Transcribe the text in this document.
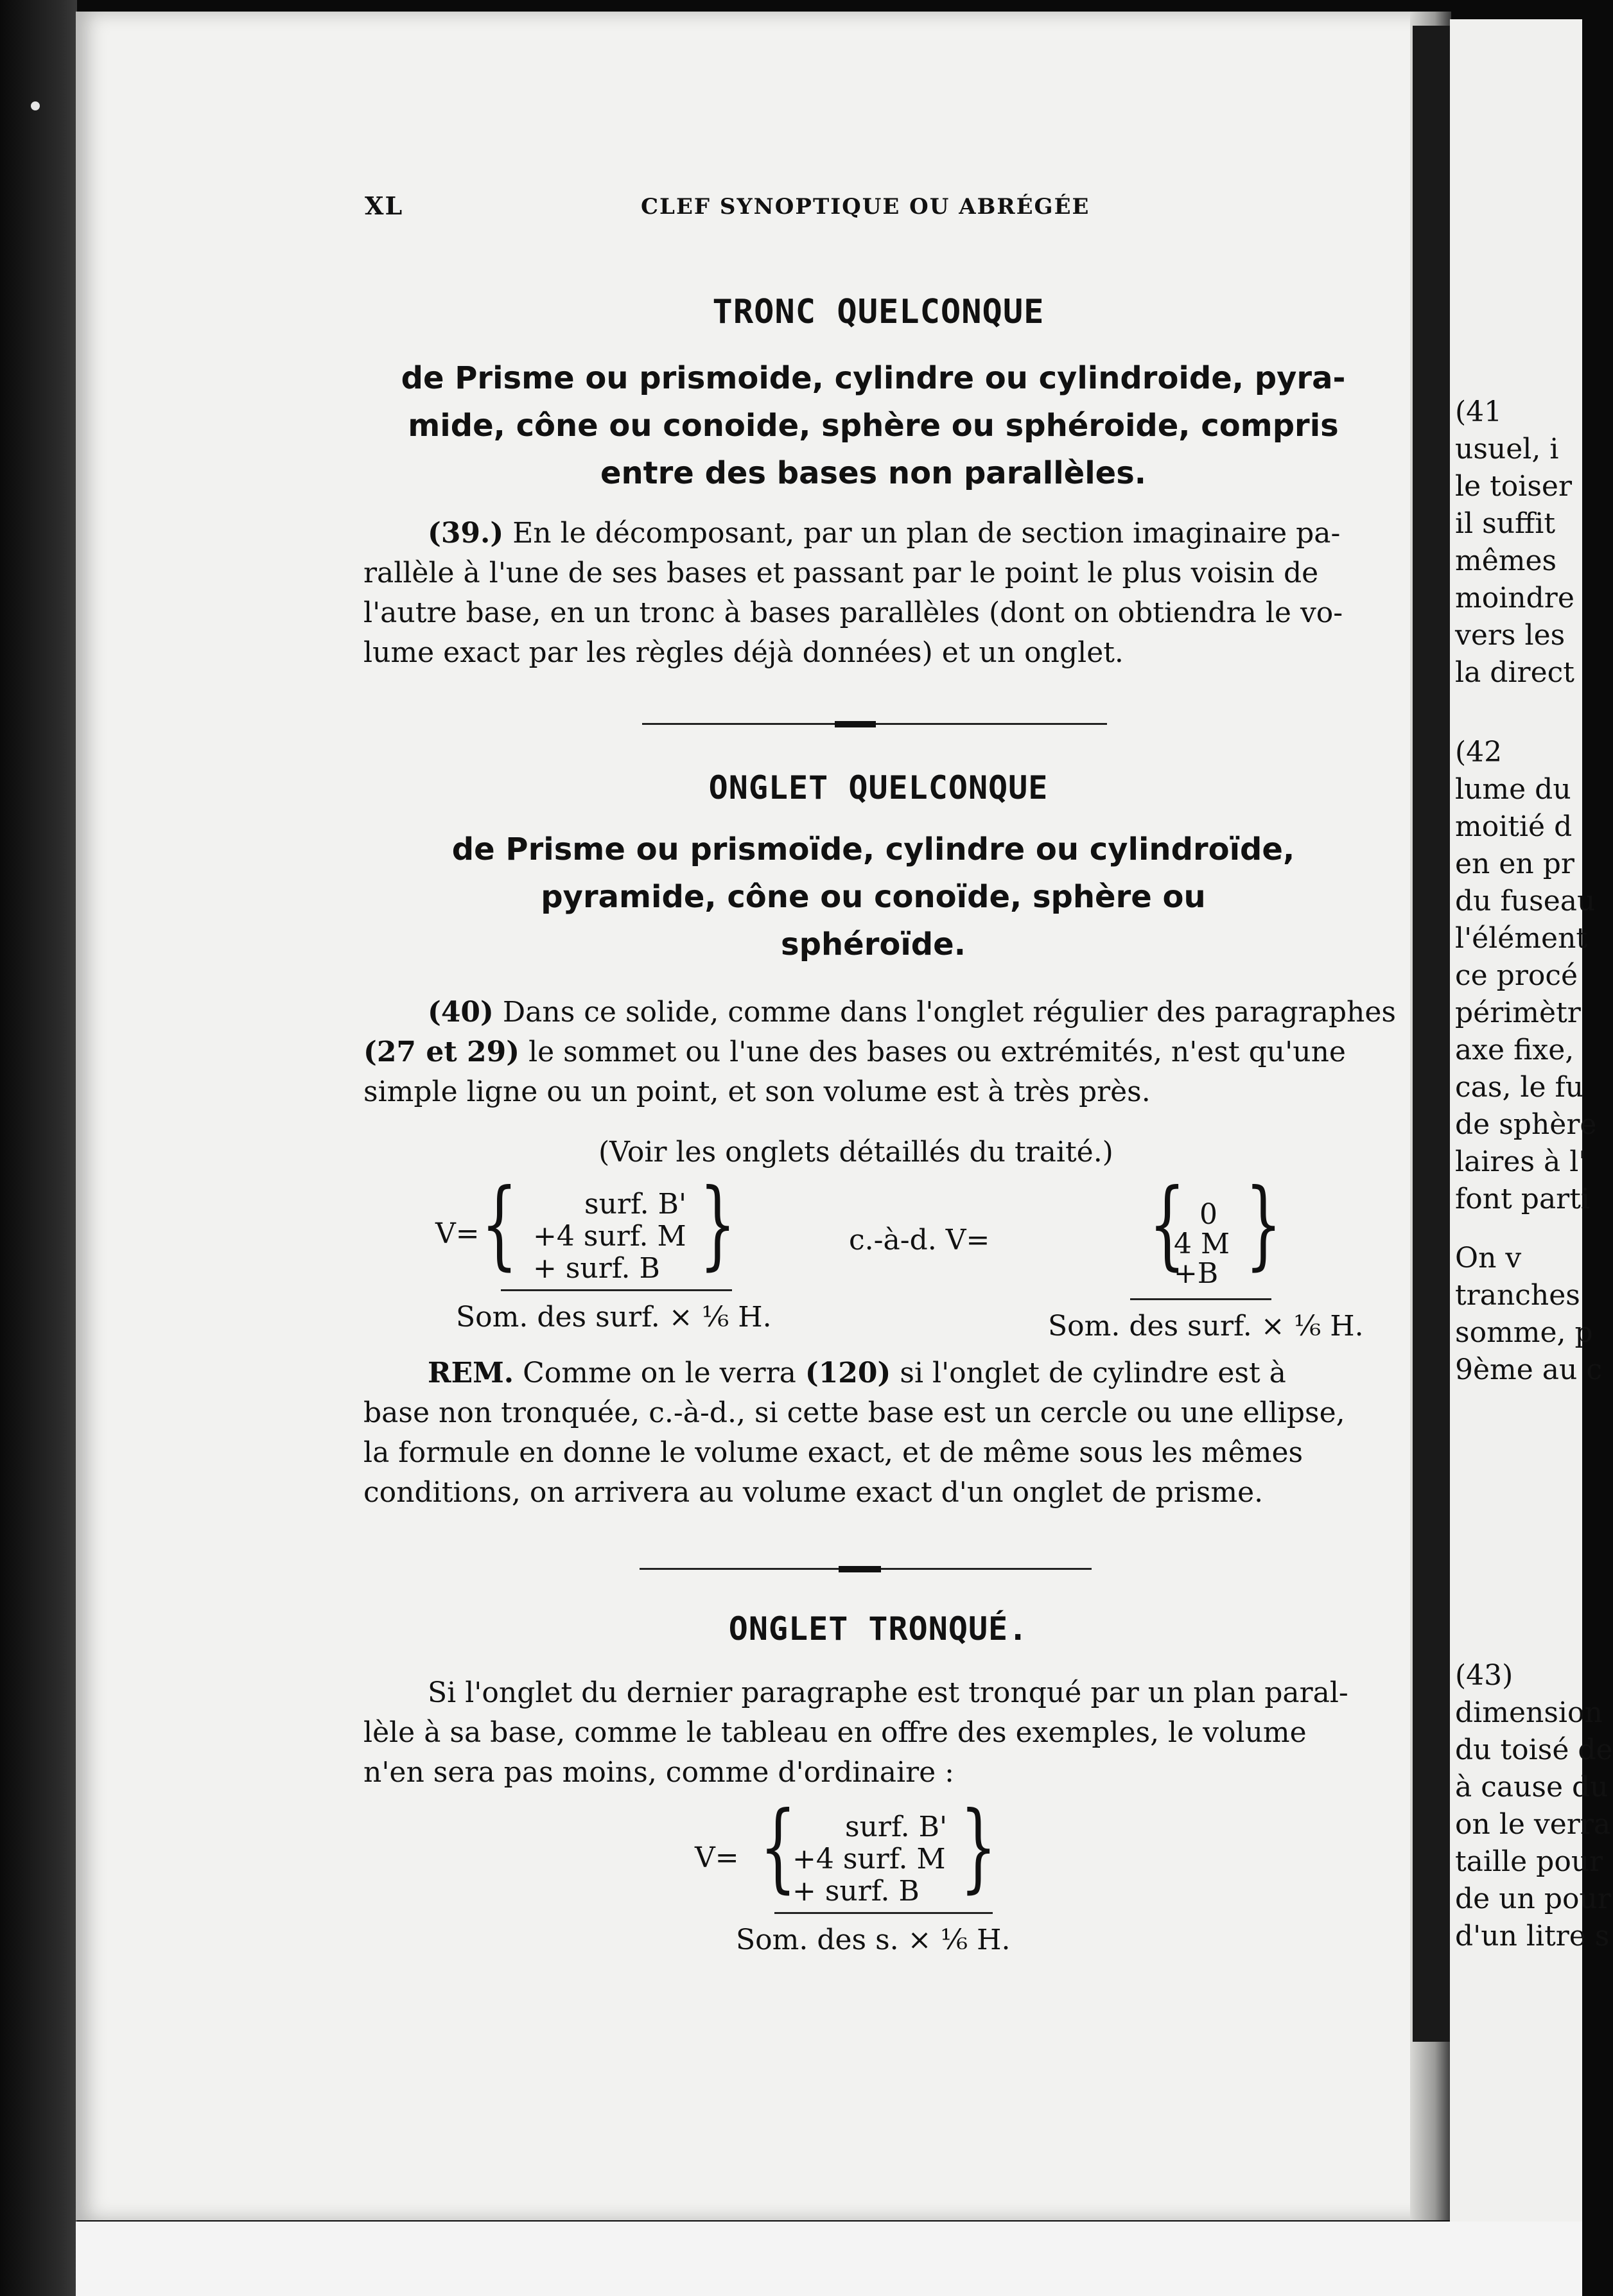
(41
usuel, i
le toiser
il suffit
mêmes
moindre
vers les
la direct
(42
lume du
moitié d
en en pr
du fuseau
l'élément
ce procé
périmètr
axe fixe,
cas, le fu
de sphère
laires à l'
font parti
On v
tranches
somme, p
9ème au c
(43)
dimension
du toisé de
à cause du
on le verra
taille pour
de un pour
d'un litre s
XL	CLEF SYNOPTIQUE OU ABRÉGÉE
TRONC QUELCONQUE
de Prisme ou prismoide, cylindre ou cylindroide, pyra-
mide, cône ou conoide, sphère ou sphéroide, compris
entre des bases non parallèles.
(39.) En le décomposant, par un plan de section imaginaire pa-
rallèle à l'une de ses bases et passant par le point le plus voisin de
l'autre base, en un tronc à bases parallèles (dont on obtiendra le vo-
lume exact par les règles déjà données) et un onglet.
ONGLET QUELCONQUE
de Prisme ou prismoïde, cylindre ou cylindroïde,
pyramide, cône ou conoïde, sphère ou
sphéroïde.
(40) Dans ce solide, comme dans l'onglet régulier des paragraphes
(27 et 29) le sommet ou l'une des bases ou extrémités, n'est qu'une
simple ligne ou un point, et son volume est à très près.
(Voir les onglets détaillés du traité.)
V= { surf. B'
+4 surf. M
+ surf. B }
Som. des surf. × ⅙ H.
c.-à-d. V= { 0
4 M
+B }
Som. des surf. × ⅙ H.
REM. Comme on le verra (120) si l'onglet de cylindre est à
base non tronquée, c.-à-d., si cette base est un cercle ou une ellipse,
la formule en donne le volume exact, et de même sous les mêmes
conditions, on arrivera au volume exact d'un onglet de prisme.
ONGLET TRONQUÉ.
Si l'onglet du dernier paragraphe est tronqué par un plan paral-
lèle à sa base, comme le tableau en offre des exemples, le volume
n'en sera pas moins, comme d'ordinaire :
V= { surf. B'
+4 surf. M
+ surf. B }
Som. des s. × ⅙ H.
